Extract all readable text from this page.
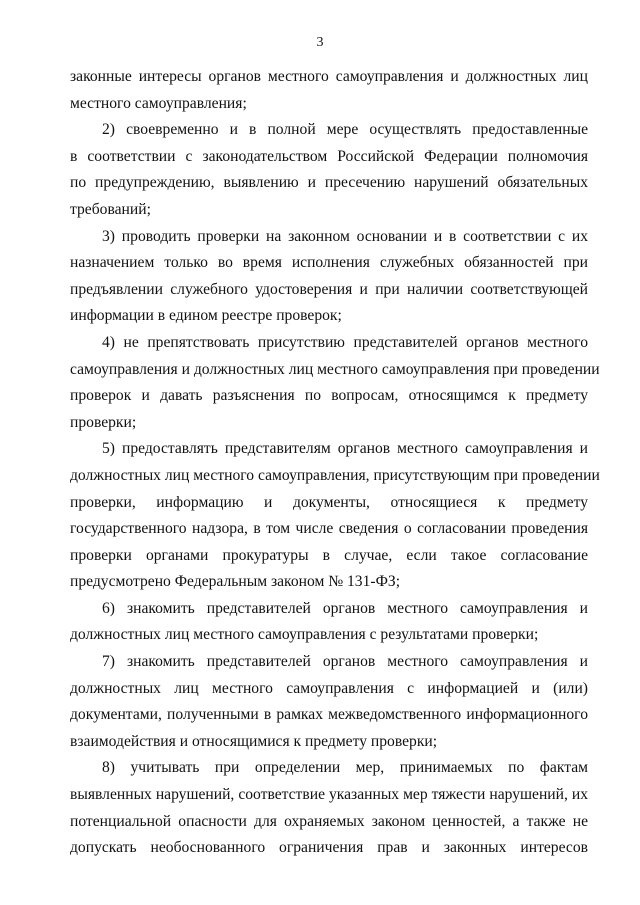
3
законные интересы органов местного самоуправления и должностных лиц
местного самоуправления;
2) своевременно и в полной мере осуществлять предоставленные
в соответствии с законодательством Российской Федерации полномочия
по предупреждению, выявлению и пресечению нарушений обязательных
требований;
3) проводить проверки на законном основании и в соответствии с их
назначением только во время исполнения служебных обязанностей при
предъявлении служебного удостоверения и при наличии соответствующей
информации в едином реестре проверок;
4) не препятствовать присутствию представителей органов местного
самоуправления и должностных лиц местного самоуправления при проведении
проверок и давать разъяснения по вопросам, относящимся к предмету
проверки;
5) предоставлять представителям органов местного самоуправления и
должностных лиц местного самоуправления, присутствующим при проведении
проверки, информацию и документы, относящиеся к предмету
государственного надзора, в том числе сведения о согласовании проведения
проверки органами прокуратуры в случае, если такое согласование
предусмотрено Федеральным законом № 131-ФЗ;
6) знакомить представителей органов местного самоуправления и
должностных лиц местного самоуправления с результатами проверки;
7) знакомить представителей органов местного самоуправления и
должностных лиц местного самоуправления с информацией и (или)
документами, полученными в рамках межведомственного информационного
взаимодействия и относящимися к предмету проверки;
8) учитывать при определении мер, принимаемых по фактам
выявленных нарушений, соответствие указанных мер тяжести нарушений, их
потенциальной опасности для охраняемых законом ценностей, а также не
допускать необоснованного ограничения прав и законных интересов
